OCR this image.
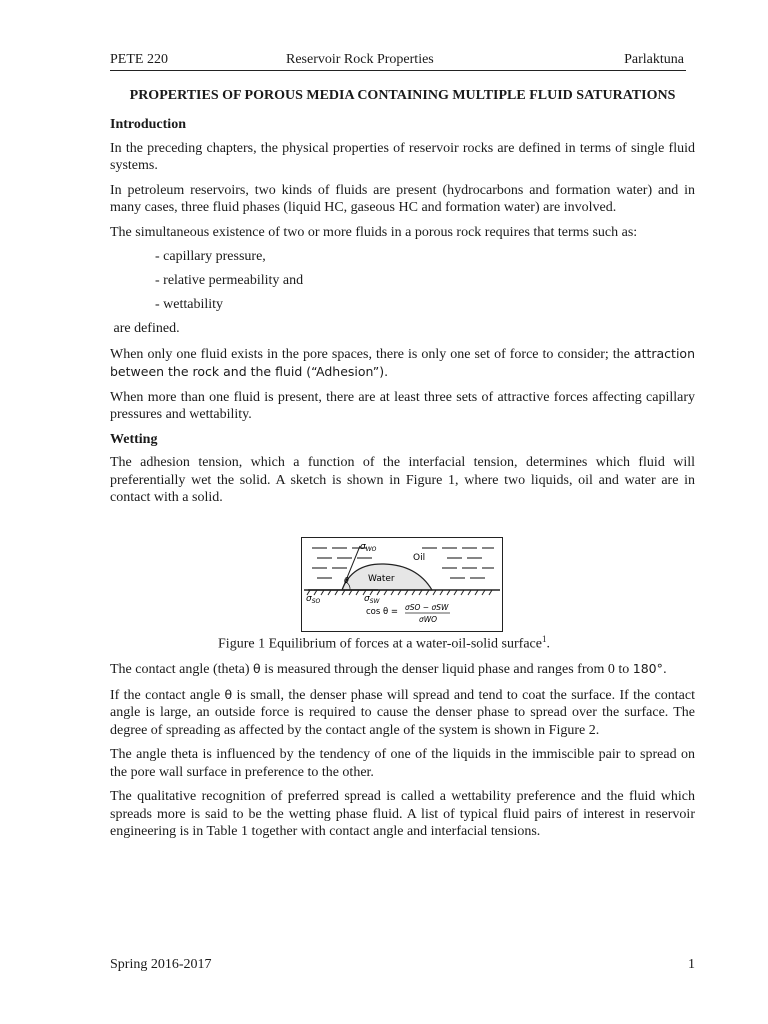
PETE 220	Reservoir Rock Properties	Parlaktuna
PROPERTIES OF POROUS MEDIA CONTAINING MULTIPLE FLUID SATURATIONS
Introduction

In the preceding chapters, the physical properties of reservoir rocks are defined in terms of single fluid systems.

In petroleum reservoirs, two kinds of fluids are present (hydrocarbons and formation water) and in many cases, three fluid phases (liquid HC, gaseous HC and formation water) are involved.

The simultaneous existence of two or more fluids in a porous rock requires that terms such as:

- capillary pressure,
- relative permeability and
- wettability

are defined.

When only one fluid exists in the pore spaces, there is only one set of force to consider; the attraction between the rock and the fluid (“Adhesion”).

When more than one fluid is present, there are at least three sets of attractive forces affecting capillary pressures and wettability.

Wetting

The adhesion tension, which a function of the interfacial tension, determines which fluid will preferentially wet the solid. A sketch is shown in Figure 1, where two liquids, oil and water are in contact with a solid.

$\sigma_{WO}$
Oil
θ Water
$\sigma_{SO}$	$\sigma_{SW}$
cos θ = σSO − σSW
σWO
Figure 1 Equilibrium of forces at a water-oil-solid surface$^1$.

The contact angle (theta) θ is measured through the denser liquid phase and ranges from 0 to 180°.

If the contact angle θ is small, the denser phase will spread and tend to coat the surface. If the contact angle is large, an outside force is required to cause the denser phase to spread over the surface. The degree of spreading as affected by the contact angle of the system is shown in Figure 2.

The angle theta is influenced by the tendency of one of the liquids in the immiscible pair to spread on the pore wall surface in preference to the other.

The qualitative recognition of preferred spread is called a wettability preference and the fluid which spreads more is said to be the wetting phase fluid. A list of typical fluid pairs of interest in reservoir engineering is in Table 1 together with contact angle and interfacial tensions.

Spring 2016-2017	1
